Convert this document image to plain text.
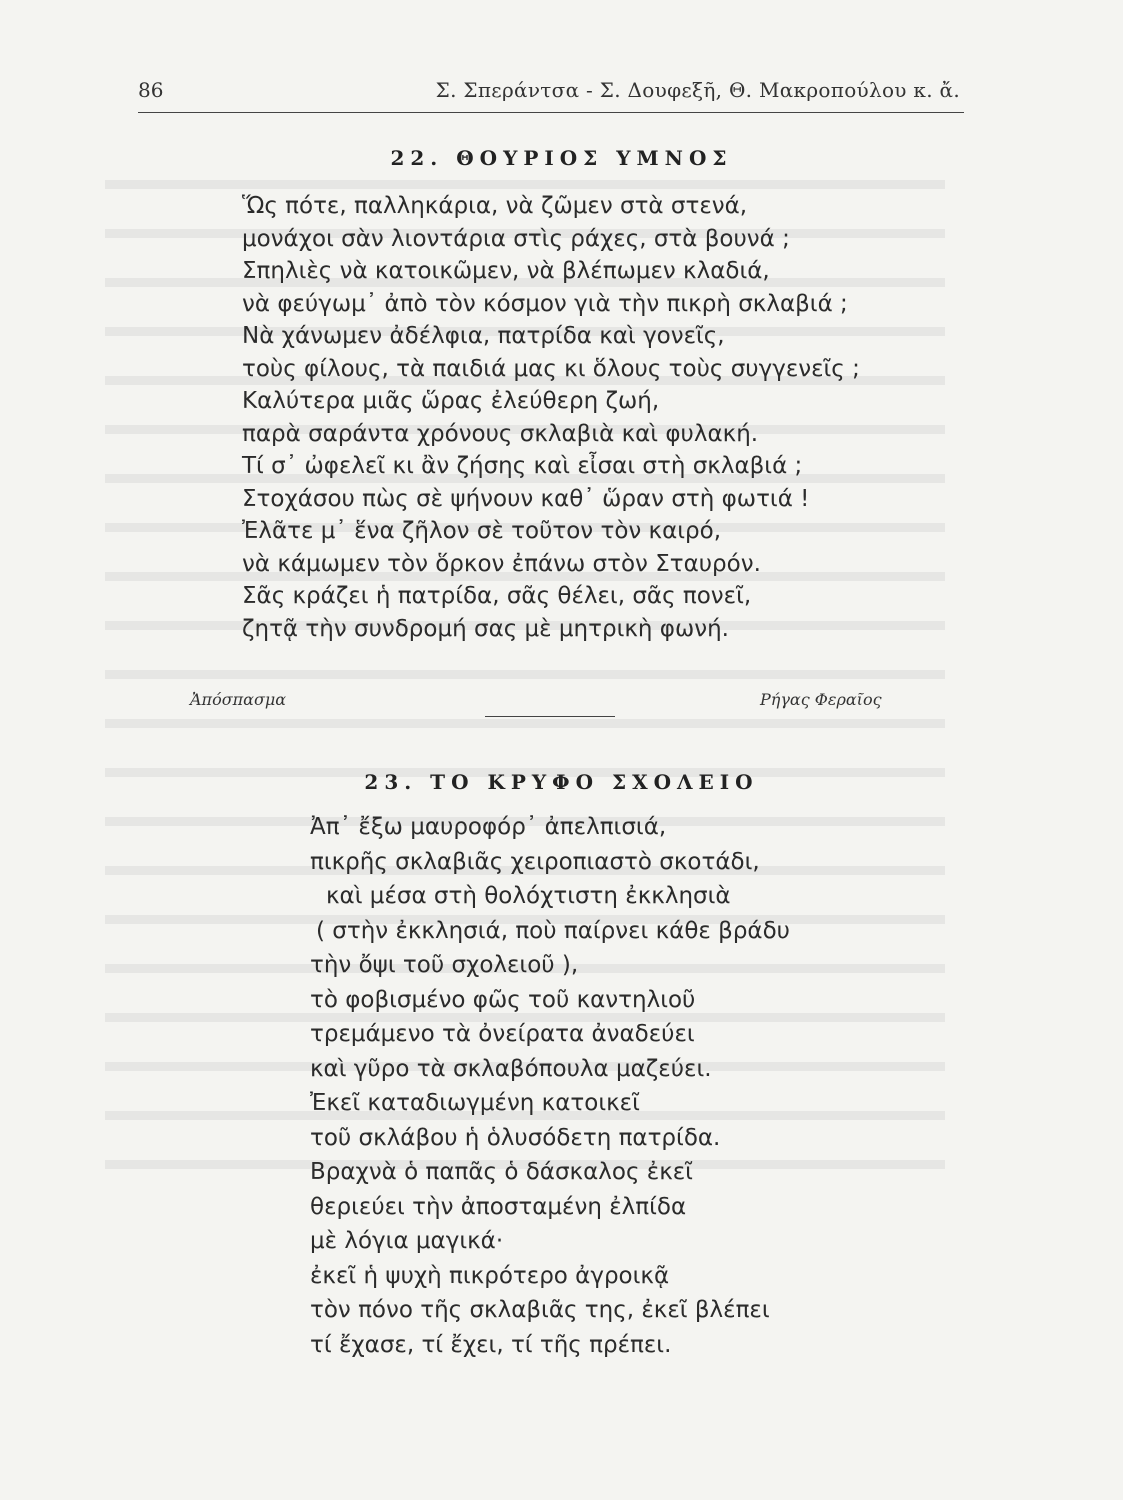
86	Σ. Σπεράντσα - Σ. Δουφεξῆ, Θ. Μακροπούλου κ. ἄ.
22. ΘΟΥΡΙΟΣ ΥΜΝΟΣ
Ὥς πότε, παλληκάρια, νὰ ζῶμεν στὰ στενά,
μονάχοι σὰν λιοντάρια στὶς ράχες, στὰ βουνά ;
Σπηλιὲς νὰ κατοικῶμεν, νὰ βλέπωμεν κλαδιά,
νὰ φεύγωμ᾿ ἀπὸ τὸν κόσμον γιὰ τὴν πικρὴ σκλαβιά ;
Νὰ χάνωμεν ἀδέλφια, πατρίδα καὶ γονεῖς,
τοὺς φίλους, τὰ παιδιά μας κι ὅλους τοὺς συγγενεῖς ;
Καλύτερα μιᾶς ὥρας ἐλεύθερη ζωή,
παρὰ σαράντα χρόνους σκλαβιὰ καὶ φυλακή.
Τί σ᾿ ὠφελεῖ κι ἂν ζήσης καὶ εἶσαι στὴ σκλαβιά ;
Στοχάσου πὼς σὲ ψήνουν καθ᾿ ὥραν στὴ φωτιά !
Ἐλᾶτε μ᾿ ἕνα ζῆλον σὲ τοῦτον τὸν καιρό,
νὰ κάμωμεν τὸν ὅρκον ἐπάνω στὸν Σταυρόν.
Σᾶς κράζει ἡ πατρίδα, σᾶς θέλει, σᾶς πονεῖ,
ζητᾷ τὴν συνδρομή σας μὲ μητρικὴ φωνή.
Ἀπόσπασμα	Ρήγας Φεραῖος
23. ΤΟ ΚΡΥΦΟ ΣΧΟΛΕΙΟ
Ἀπ᾿ ἔξω μαυροφόρ᾿ ἀπελπισιά,
πικρῆς σκλαβιᾶς χειροπιαστὸ σκοτάδι,
καὶ μέσα στὴ θολόχτιστη ἐκκλησιὰ
( στὴν ἐκκλησιά, ποὺ παίρνει κάθε βράδυ
τὴν ὄψι τοῦ σχολειοῦ ),
τὸ φοβισμένο φῶς τοῦ καντηλιοῦ
τρεμάμενο τὰ ὀνείρατα ἀναδεύει
καὶ γῦρο τὰ σκλαβόπουλα μαζεύει.
Ἐκεῖ καταδιωγμένη κατοικεῖ
τοῦ σκλάβου ἡ ὁλυσόδετη πατρίδα.
Βραχνὰ ὁ παπᾶς ὁ δάσκαλος ἐκεῖ
θεριεύει τὴν ἀποσταμένη ἐλπίδα
μὲ λόγια μαγικά·
ἐκεῖ ἡ ψυχὴ πικρότερο ἀγροικᾷ
τὸν πόνο τῆς σκλαβιᾶς της, ἐκεῖ βλέπει
τί ἔχασε, τί ἔχει, τί τῆς πρέπει.
